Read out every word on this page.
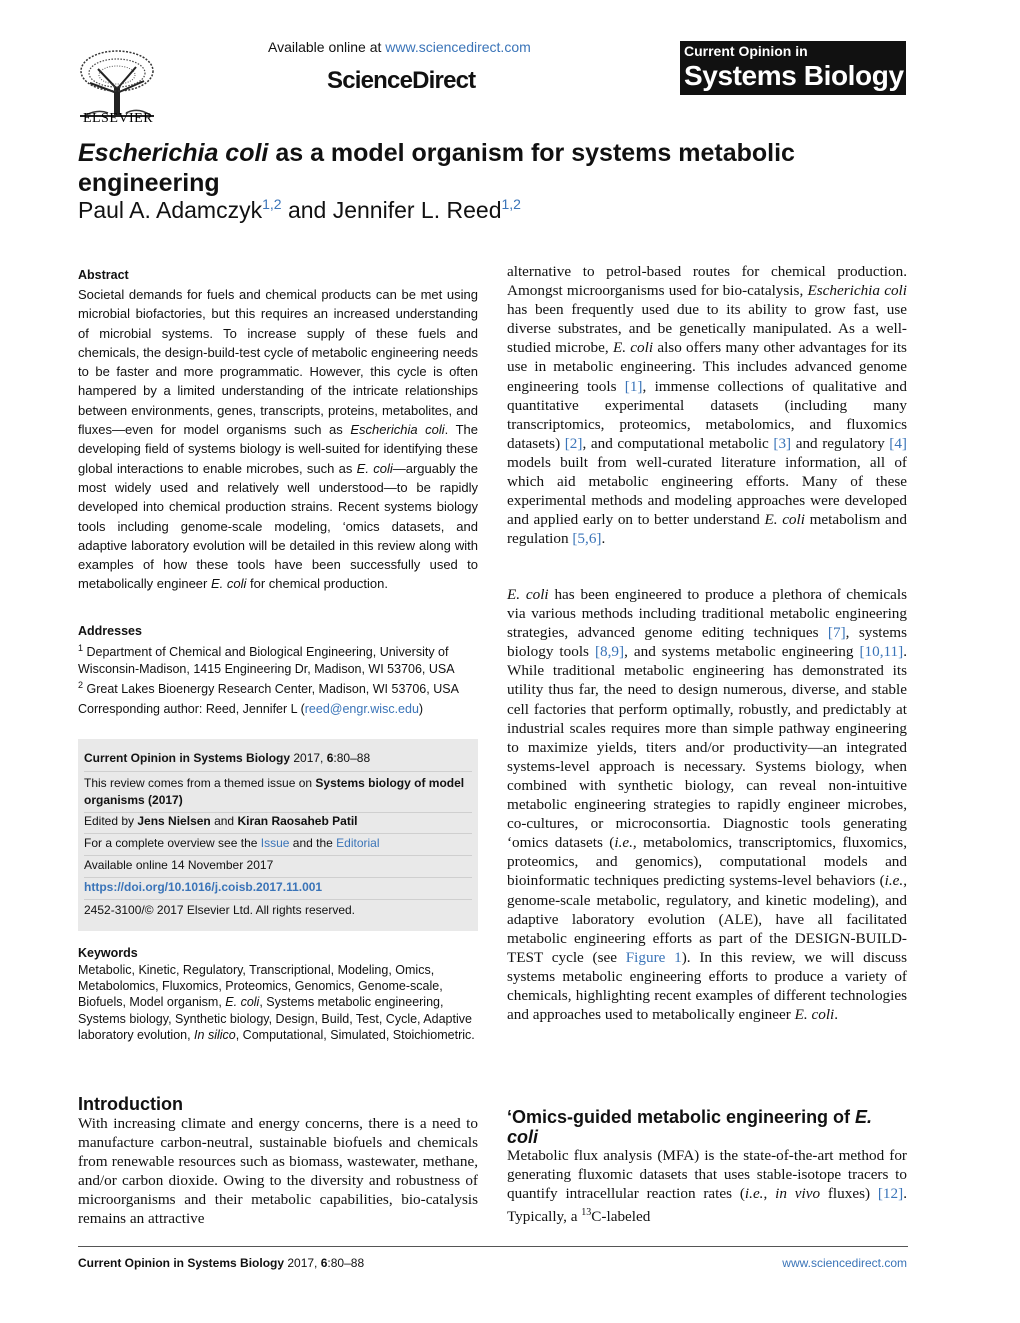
ELSEVIER
Available online at www.sciencedirect.com
ScienceDirect
Current Opinion in
Systems Biology
Escherichia coli as a model organism for systems metabolic engineering
Paul A. Adamczyk$^{1,2}$ and Jennifer L. Reed$^{1,2}$
Abstract
Societal demands for fuels and chemical products can be met using microbial biofactories, but this requires an increased understanding of microbial systems. To increase supply of these fuels and chemicals, the design-build-test cycle of metabolic engineering needs to be faster and more programmatic. However, this cycle is often hampered by a limited understanding of the intricate relationships between environments, genes, transcripts, proteins, metabolites, and fluxes—even for model organisms such as Escherichia coli. The developing field of systems biology is well-suited for identifying these global interactions to enable microbes, such as E. coli—arguably the most widely used and relatively well understood—to be rapidly developed into chemical production strains. Recent systems biology tools including genome-scale modeling, ‘omics datasets, and adaptive laboratory evolution will be detailed in this review along with examples of how these tools have been successfully used to metabolically engineer E. coli for chemical production.
Addresses
$^1$ Department of Chemical and Biological Engineering, University of Wisconsin-Madison, 1415 Engineering Dr, Madison, WI 53706, USA
$^2$ Great Lakes Bioenergy Research Center, Madison, WI 53706, USA
Corresponding author: Reed, Jennifer L (reed@engr.wisc.edu)
Current Opinion in Systems Biology 2017, 6:80–88
This review comes from a themed issue on Systems biology of model organisms (2017)
Edited by Jens Nielsen and Kiran Raosaheb Patil
For a complete overview see the Issue and the Editorial
Available online 14 November 2017
https://doi.org/10.1016/j.coisb.2017.11.001
2452-3100/© 2017 Elsevier Ltd. All rights reserved.
Keywords
Metabolic, Kinetic, Regulatory, Transcriptional, Modeling, Omics, Metabolomics, Fluxomics, Proteomics, Genomics, Genome-scale, Biofuels, Model organism, E. coli, Systems metabolic engineering, Systems biology, Synthetic biology, Design, Build, Test, Cycle, Adaptive laboratory evolution, In silico, Computational, Simulated, Stoichiometric.
Introduction
With increasing climate and energy concerns, there is a need to manufacture carbon-neutral, sustainable biofuels and chemicals from renewable resources such as biomass, wastewater, methane, and/or carbon dioxide. Owing to the diversity and robustness of microorganisms and their metabolic capabilities, bio-catalysis remains an attractive
alternative to petrol-based routes for chemical production. Amongst microorganisms used for bio-catalysis, Escherichia coli has been frequently used due to its ability to grow fast, use diverse substrates, and be genetically manipulated. As a well-studied microbe, E. coli also offers many other advantages for its use in metabolic engineering. This includes advanced genome engineering tools [1], immense collections of qualitative and quantitative experimental datasets (including many transcriptomics, proteomics, metabolomics, and fluxomics datasets) [2], and computational metabolic [3] and regulatory [4] models built from well-curated literature information, all of which aid metabolic engineering efforts. Many of these experimental methods and modeling approaches were developed and applied early on to better understand E. coli metabolism and regulation [5,6].
E. coli has been engineered to produce a plethora of chemicals via various methods including traditional metabolic engineering strategies, advanced genome editing techniques [7], systems biology tools [8,9], and systems metabolic engineering [10,11]. While traditional metabolic engineering has demonstrated its utility thus far, the need to design numerous, diverse, and stable cell factories that perform optimally, robustly, and predictably at industrial scales requires more than simple pathway engineering to maximize yields, titers and/or productivity—an integrated systems-level approach is necessary. Systems biology, when combined with synthetic biology, can reveal non-intuitive metabolic engineering strategies to rapidly engineer microbes, co-cultures, or microconsortia. Diagnostic tools generating ‘omics datasets (i.e., metabolomics, transcriptomics, fluxomics, proteomics, and genomics), computational models and bioinformatic techniques predicting systems-level behaviors (i.e., genome-scale metabolic, regulatory, and kinetic modeling), and adaptive laboratory evolution (ALE), have all facilitated metabolic engineering efforts as part of the DESIGN-BUILD-TEST cycle (see Figure 1). In this review, we will discuss systems metabolic engineering efforts to produce a variety of chemicals, highlighting recent examples of different technologies and approaches used to metabolically engineer E. coli.
‘Omics-guided metabolic engineering of E. coli
Metabolic flux analysis (MFA) is the state-of-the-art method for generating fluxomic datasets that uses stable-isotope tracers to quantify intracellular reaction rates (i.e., in vivo fluxes) [12]. Typically, a $^{13}$C-labeled
Current Opinion in Systems Biology 2017, 6:80–88	www.sciencedirect.com
